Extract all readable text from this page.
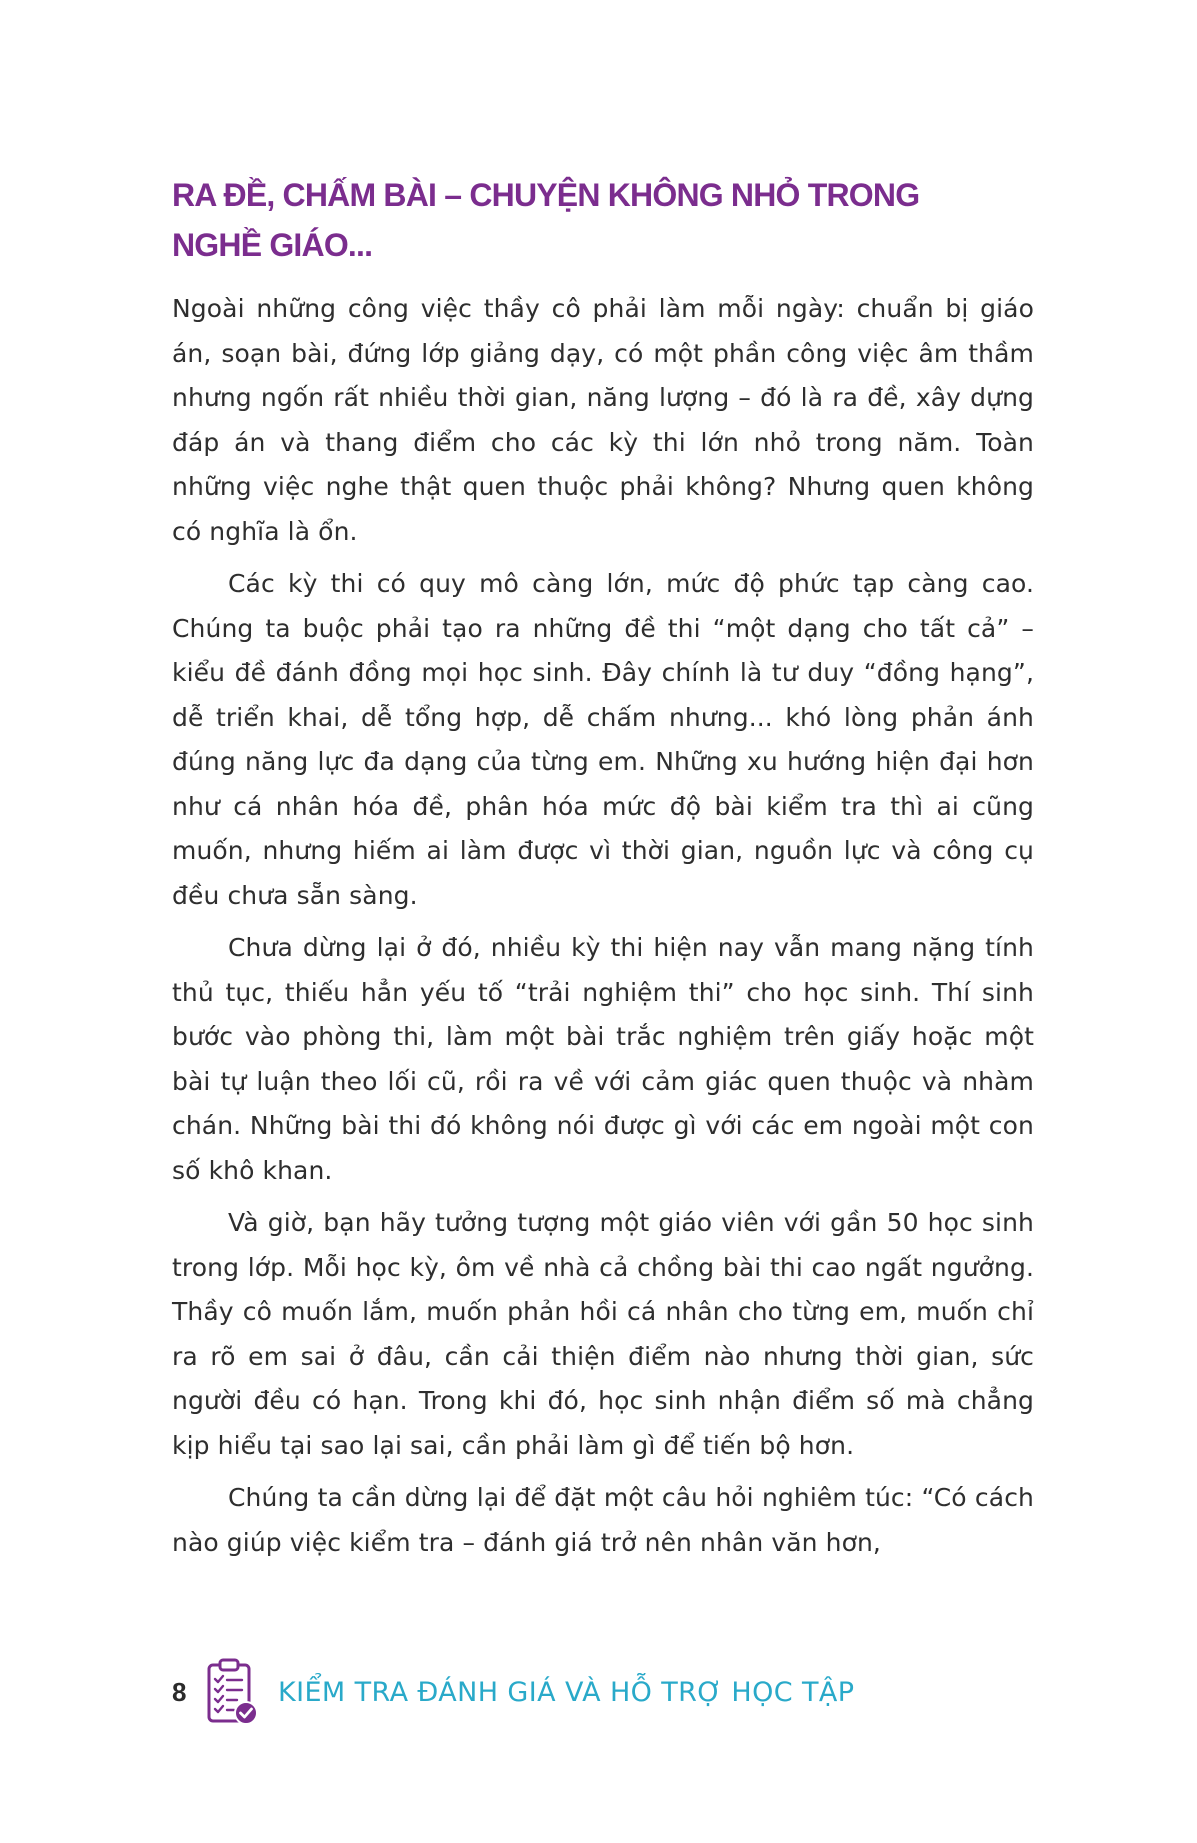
RA ĐỀ, CHẤM BÀI – CHUYỆN KHÔNG NHỎ TRONG
NGHỀ GIÁO...

Ngoài những công việc thầy cô phải làm mỗi ngày: chuẩn bị giáo án, soạn bài, đứng lớp giảng dạy, có một phần công việc âm thầm nhưng ngốn rất nhiều thời gian, năng lượng – đó là ra đề, xây dựng đáp án và thang điểm cho các kỳ thi lớn nhỏ trong năm. Toàn những việc nghe thật quen thuộc phải không? Nhưng quen không có nghĩa là ổn.

Các kỳ thi có quy mô càng lớn, mức độ phức tạp càng cao. Chúng ta buộc phải tạo ra những đề thi “một dạng cho tất cả” – kiểu đề đánh đồng mọi học sinh. Đây chính là tư duy “đồng hạng”, dễ triển khai, dễ tổng hợp, dễ chấm nhưng... khó lòng phản ánh đúng năng lực đa dạng của từng em. Những xu hướng hiện đại hơn như cá nhân hóa đề, phân hóa mức độ bài kiểm tra thì ai cũng muốn, nhưng hiếm ai làm được vì thời gian, nguồn lực và công cụ đều chưa sẵn sàng.

Chưa dừng lại ở đó, nhiều kỳ thi hiện nay vẫn mang nặng tính thủ tục, thiếu hẳn yếu tố “trải nghiệm thi” cho học sinh. Thí sinh bước vào phòng thi, làm một bài trắc nghiệm trên giấy hoặc một bài tự luận theo lối cũ, rồi ra về với cảm giác quen thuộc và nhàm chán. Những bài thi đó không nói được gì với các em ngoài một con số khô khan.

Và giờ, bạn hãy tưởng tượng một giáo viên với gần 50 học sinh trong lớp. Mỗi học kỳ, ôm về nhà cả chồng bài thi cao ngất ngưởng. Thầy cô muốn lắm, muốn phản hồi cá nhân cho từng em, muốn chỉ ra rõ em sai ở đâu, cần cải thiện điểm nào nhưng thời gian, sức người đều có hạn. Trong khi đó, học sinh nhận điểm số mà chẳng kịp hiểu tại sao lại sai, cần phải làm gì để tiến bộ hơn.

Chúng ta cần dừng lại để đặt một câu hỏi nghiêm túc: “Có cách nào giúp việc kiểm tra – đánh giá trở nên nhân văn hơn,

8	KIỂM TRA ĐÁNH GIÁ VÀ HỖ TRỢ HỌC TẬP
